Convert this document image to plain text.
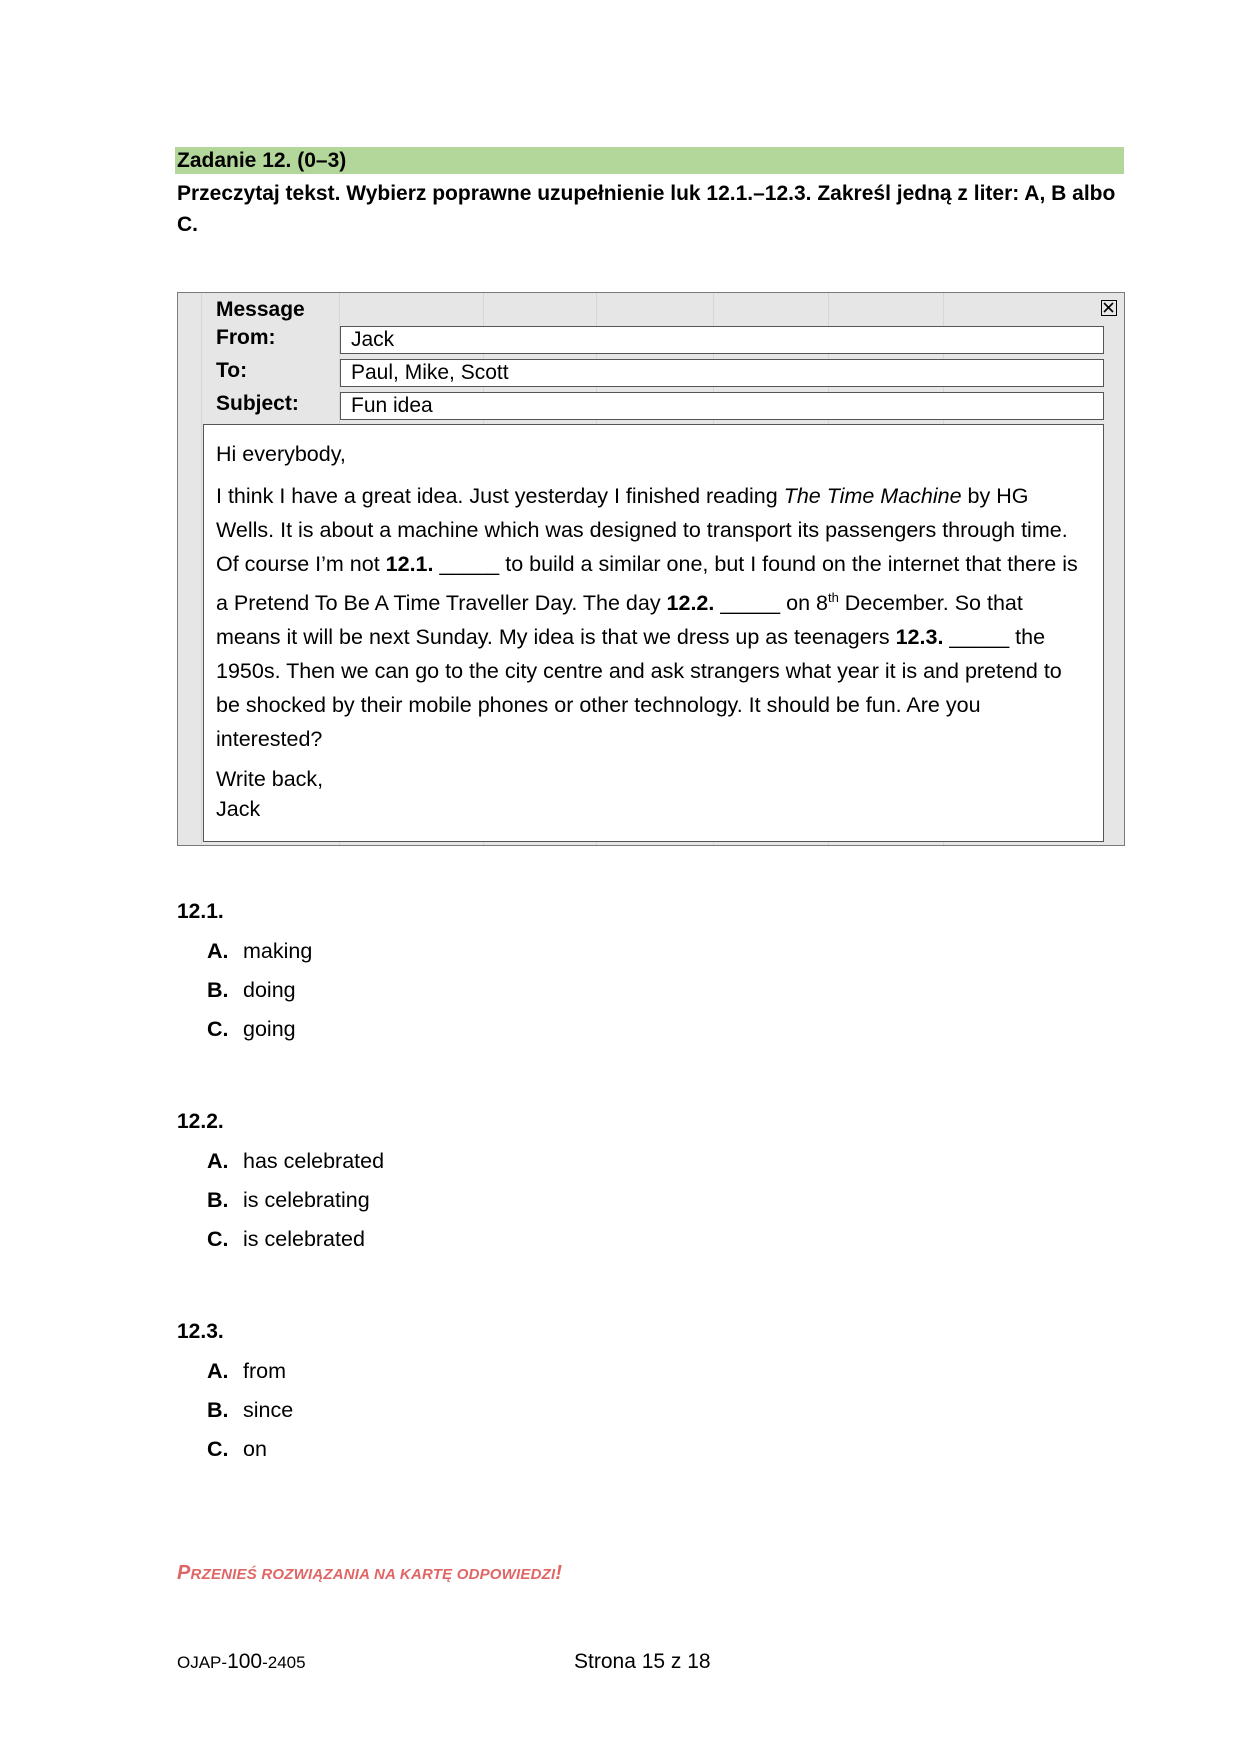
Zadanie 12. (0–3)
Przeczytaj tekst. Wybierz poprawne uzupełnienie luk 12.1.–12.3. Zakreśl jedną z liter: A, B albo C.
Message
From:	Jack
To:	Paul, Mike, Scott
Subject:	Fun idea

Hi everybody,

I think I have a great idea. Just yesterday I finished reading The Time Machine by HG Wells. It is about a machine which was designed to transport its passengers through time. Of course I’m not 12.1. _____ to build a similar one, but I found on the internet that there is a Pretend To Be A Time Traveller Day. The day 12.2. _____ on 8th December. So that means it will be next Sunday. My idea is that we dress up as teenagers 12.3. _____ the 1950s. Then we can go to the city centre and ask strangers what year it is and pretend to be shocked by their mobile phones or other technology. It should be fun. Are you interested?

Write back,

Jack

12.1.
A. making
B. doing
C. going
12.2.
A. has celebrated
B. is celebrating
C. is celebrated
12.3.
A. from
B. since
C. on
PRZENIEŚ ROZWIĄZANIA NA KARTĘ ODPOWIEDZI!
OJAP-100-2405	Strona 15 z 18
